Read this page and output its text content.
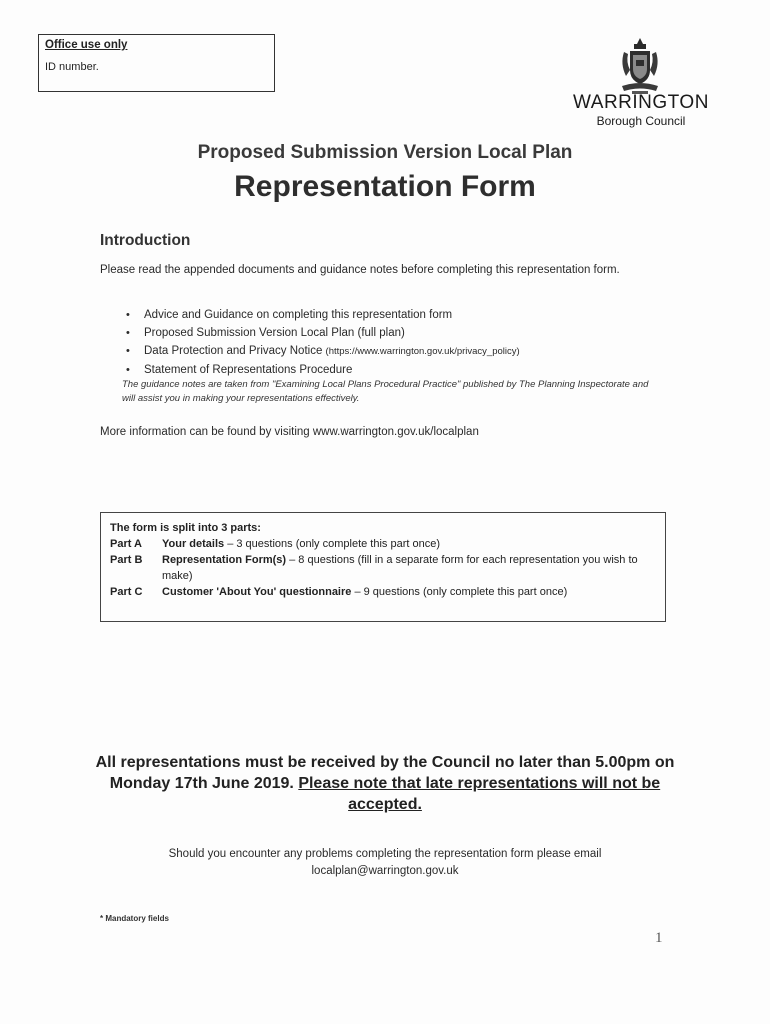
Office use only
ID number.
WARRINGTON
Borough Council
Proposed Submission Version Local Plan
Representation Form
Introduction
Please read the appended documents and guidance notes before completing this representation form.
• Advice and Guidance on completing this representation form
• Proposed Submission Version Local Plan (full plan)
• Data Protection and Privacy Notice (https://www.warrington.gov.uk/privacy_policy)
• Statement of Representations Procedure
The guidance notes are taken from "Examining Local Plans Procedural Practice" published by The Planning Inspectorate and will assist you in making your representations effectively.
More information can be found by visiting www.warrington.gov.uk/localplan
The form is split into 3 parts:
Part A	Your details – 3 questions (only complete this part once)
Part B	Representation Form(s) – 8 questions (fill in a separate form for each representation you wish to make)
Part C	Customer 'About You' questionnaire – 9 questions (only complete this part once)
All representations must be received by the Council no later than 5.00pm on Monday 17th June 2019. Please note that late representations will not be accepted.
Should you encounter any problems completing the representation form please email
localplan@warrington.gov.uk
* Mandatory fields
1
